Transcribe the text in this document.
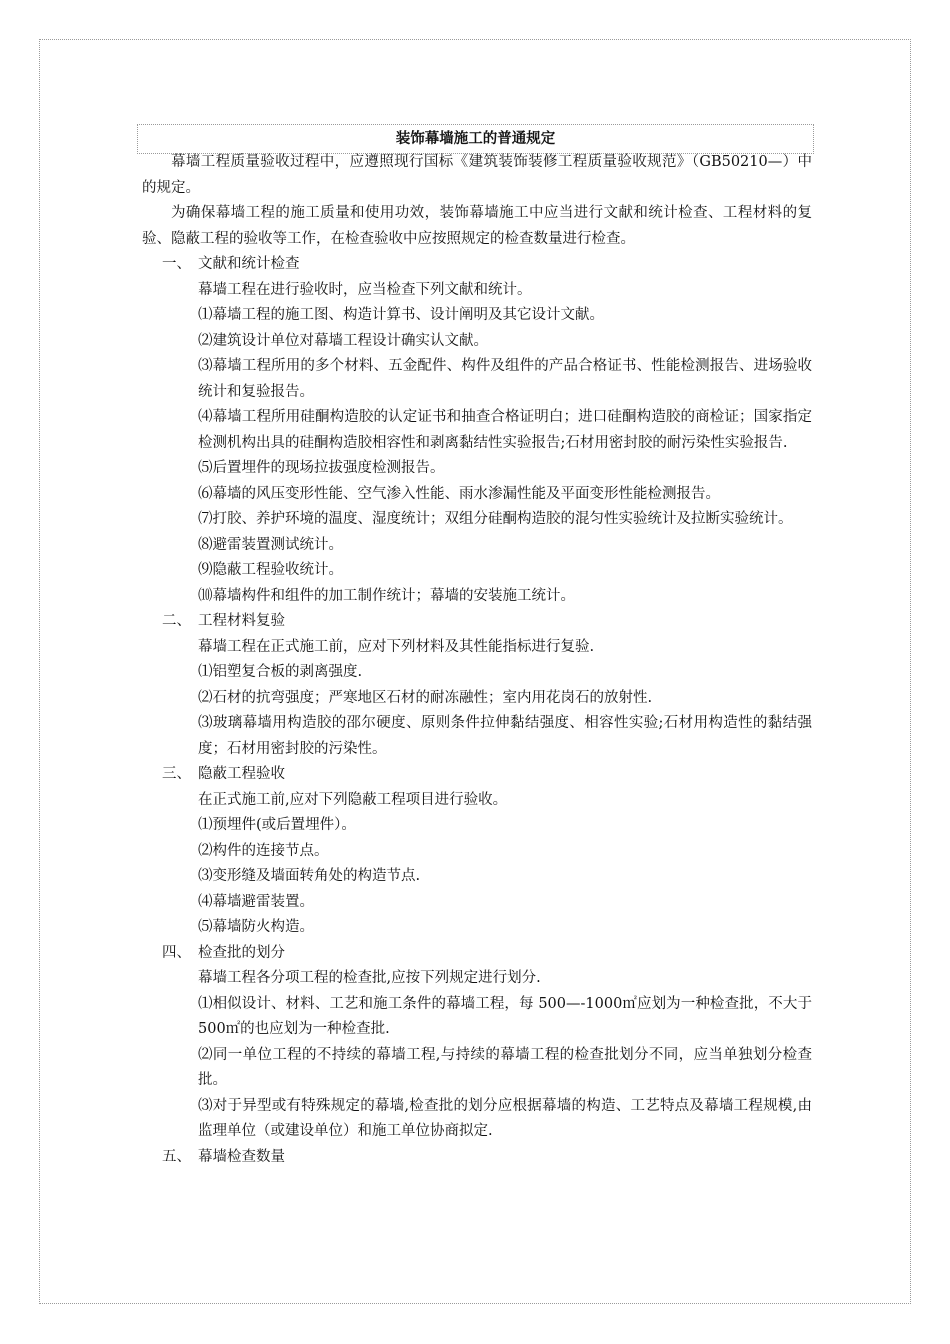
装饰幕墙施工的普通规定

幕墙工程质量验收过程中，应遵照现行国标《建筑装饰装修工程质量验收规范》（GB50210—）中的规定。

为确保幕墙工程的施工质量和使用功效，装饰幕墙施工中应当进行文献和统计检查、工程材料的复验、隐蔽工程的验收等工作，在检查验收中应按照规定的检查数量进行检查。

一、 文献和统计检查

幕墙工程在进行验收时，应当检查下列文献和统计。

⑴幕墙工程的施工图、构造计算书、设计阐明及其它设计文献。

⑵建筑设计单位对幕墙工程设计确实认文献。

⑶幕墙工程所用的多个材料、五金配件、构件及组件的产品合格证书、性能检测报告、进场验收统计和复验报告。

⑷幕墙工程所用硅酮构造胶的认定证书和抽查合格证明白；进口硅酮构造胶的商检证；国家指定检测机构出具的硅酮构造胶相容性和剥离黏结性实验报告;石材用密封胶的耐污染性实验报告.

⑸后置埋件的现场拉拔强度检测报告。

⑹幕墙的风压变形性能、空气渗入性能、雨水渗漏性能及平面变形性能检测报告。

⑺打胶、养护环境的温度、湿度统计；双组分硅酮构造胶的混匀性实验统计及拉断实验统计。

⑻避雷装置测试统计。

⑼隐蔽工程验收统计。

⑽幕墙构件和组件的加工制作统计；幕墙的安装施工统计。

二、 工程材料复验

幕墙工程在正式施工前，应对下列材料及其性能指标进行复验.

⑴铝塑复合板的剥离强度.

⑵石材的抗弯强度；严寒地区石材的耐冻融性；室内用花岗石的放射性.

⑶玻璃幕墙用构造胶的邵尔硬度、原则条件拉伸黏结强度、相容性实验;石材用构造性的黏结强度；石材用密封胶的污染性。

三、 隐蔽工程验收

在正式施工前,应对下列隐蔽工程项目进行验收。

⑴预埋件(或后置埋件）。

⑵构件的连接节点。

⑶变形缝及墙面转角处的构造节点.

⑷幕墙避雷装置。

⑸幕墙防火构造。

四、 检查批的划分

幕墙工程各分项工程的检查批,应按下列规定进行划分.

⑴相似设计、材料、工艺和施工条件的幕墙工程，每 500—-1000㎡应划为一种检查批，不大于 500㎡的也应划为一种检查批.

⑵同一单位工程的不持续的幕墙工程,与持续的幕墙工程的检查批划分不同，应当单独划分检查批。

⑶对于异型或有特殊规定的幕墙,检查批的划分应根据幕墙的构造、工艺特点及幕墙工程规模,由监理单位（或建设单位）和施工单位协商拟定.

五、 幕墙检查数量
